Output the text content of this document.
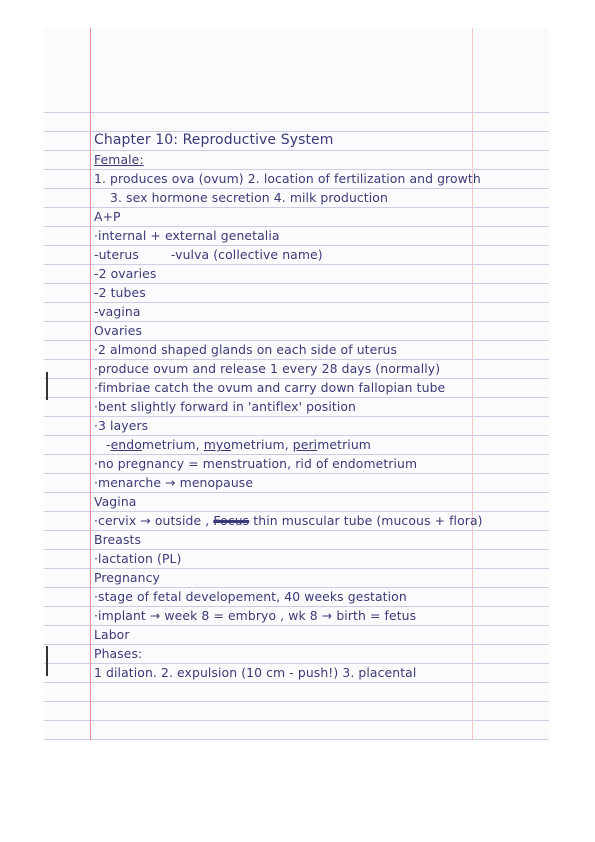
Chapter 10: Reproductive System
Female:
1. produces ova (ovum) 2. location of fertilization and growth
3. sex hormone secretion 4. milk production
A+P
·internal + external genetalia
-uterus	-vulva (collective name)
-2 ovaries
-2 tubes
-vagina
Ovaries
·2 almond shaped glands on each side of uterus
·produce ovum and release 1 every 28 days (normally)
·fimbriae catch the ovum and carry down fallopian tube
·bent slightly forward in 'antiflex' position
·3 layers
-endometrium, myometrium, perimetrium
·no pregnancy = menstruation, rid of endometrium
·menarche → menopause
Vagina
·cervix → outside , Focus thin muscular tube (mucous + flora)
Breasts
·lactation (PL)
Pregnancy
·stage of fetal developement, 40 weeks gestation
·implant → week 8 = embryo , wk 8 → birth = fetus
Labor
Phases:
1 dilation. 2. expulsion (10 cm - push!) 3. placental
